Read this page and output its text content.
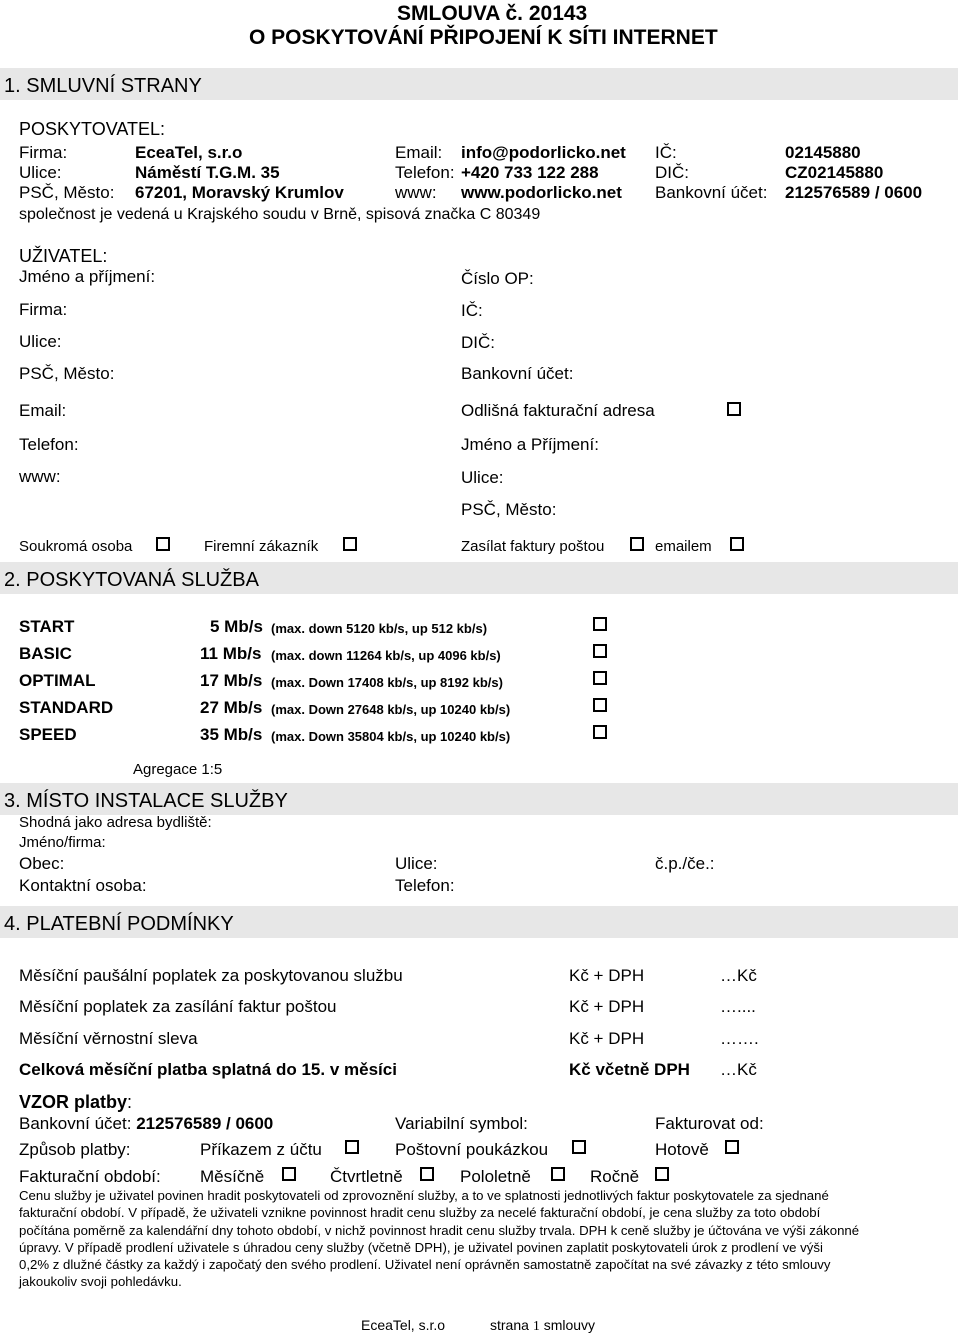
SMLOUVA č. 20143
O POSKYTOVÁNÍ PŘIPOJENÍ K SÍTI INTERNET
1. SMLUVNÍ STRANY
POSKYTOVATEL:
Firma:	EceaTel, s.r.o	Email: info@podorlicko.net IČ:	02145880
Ulice:	Náměstí T.G.M. 35	Telefon: +420 733 122 288	DIČ:	CZ02145880
PSČ, Město: 67201, Moravský Krumlov	www: www.podorlicko.net Bankovní účet: 212576589 / 0600
společnost je vedená u Krajského soudu v Brně, spisová značka C 80349
UŽIVATEL:
Jméno a příjmení:
Firma:
Ulice:
PSČ, Město:
Email:
Telefon:
www:
Číslo OP:
IČ:
DIČ:
Bankovní účet:
Odlišná fakturační adresa
Jméno a Příjmení:
Ulice:
PSČ, Město:
Soukromá osoba	Firemní zákazník	Zasílat faktury poštou	emailem
2. POSKYTOVANÁ SLUŽBA
START	5 Mb/s (max. down 5120 kb/s, up 512 kb/s)
BASIC	11 Mb/s (max. down 11264 kb/s, up 4096 kb/s)
OPTIMAL	17 Mb/s (max. Down 17408 kb/s, up 8192 kb/s)
STANDARD	27 Mb/s (max. Down 27648 kb/s, up 10240 kb/s)
SPEED	35 Mb/s (max. Down 35804 kb/s, up 10240 kb/s)
Agregace 1:5
3. MÍSTO INSTALACE SLUŽBY
Shodná jako adresa bydliště:
Jméno/firma:
Obec:	Ulice:	č.p./če.:
Kontaktní osoba:	Telefon:
4. PLATEBNÍ PODMÍNKY
Měsíční paušální poplatek za poskytovanou službu	Kč + DPH	…Kč
Měsíční poplatek za zasílání faktur poštou	Kč + DPH	…....
Měsíční věrnostní sleva	Kč + DPH	…….
Celková měsíční platba splatná do 15. v měsíci	Kč včetně DPH …Kč
VZOR platby:
Bankovní účet: 212576589 / 0600	Variabilní symbol:	Fakturovat od:
Způsob platby:	Příkazem z účtu	Poštovní poukázkou	Hotově
Fakturační období: Měsíčně	Čtvrtletně	Pololetně	Ročně
Cenu služby je uživatel povinen hradit poskytovateli od zprovoznění služby, a to ve splatnosti jednotlivých faktur poskytovatele za sjednané
fakturační období. V případě, že uživateli vznikne povinnost hradit cenu služby za necelé fakturační období, je cena služby za toto období
počítána poměrně za kalendářní dny tohoto období, v nichž povinnost hradit cenu služby trvala. DPH k ceně služby je účtována ve výši zákonné
úpravy. V případě prodlení uživatele s úhradou ceny služby (včetně DPH), je uživatel povinen zaplatit poskytovateli úrok z prodlení ve výši
0,2% z dlužné částky za každý i započatý den svého prodlení. Uživatel není oprávněn samostatně započítat na své závazky z této smlouvy
jakoukoliv svoji pohledávku.
EceaTel, s.r.o	strana 1 smlouvy
